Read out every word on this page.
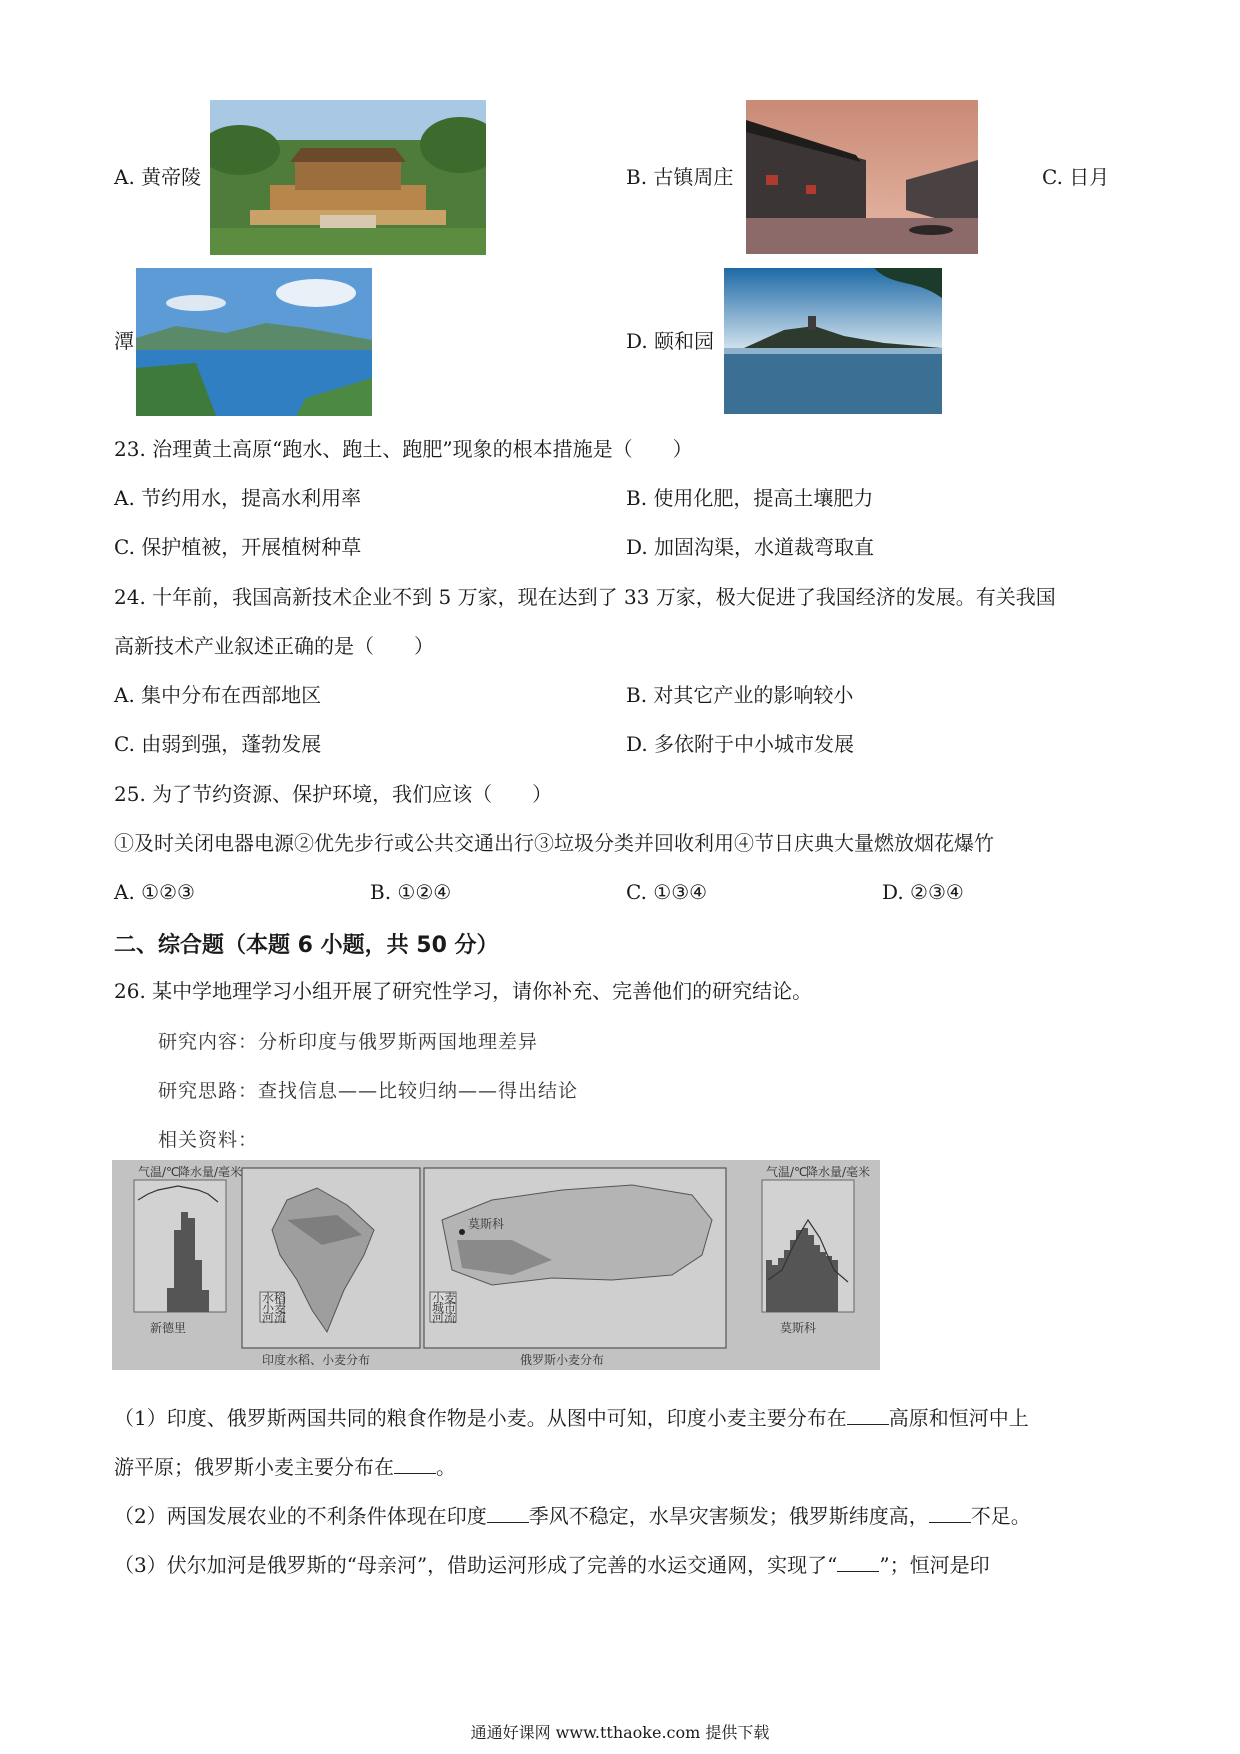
A. 黄帝陵	B. 古镇周庄	C. 日月
潭	D. 颐和园
23. 治理黄土高原“跑水、跑土、跑肥”现象的根本措施是（　　）
A. 节约用水，提高水利用率	B. 使用化肥，提高土壤肥力
C. 保护植被，开展植树种草	D. 加固沟渠，水道裁弯取直
24. 十年前，我国高新技术企业不到 5 万家，现在达到了 33 万家，极大促进了我国经济的发展。有关我国
高新技术产业叙述正确的是（　　）
A. 集中分布在西部地区	B. 对其它产业的影响较小
C. 由弱到强，蓬勃发展	D. 多依附于中小城市发展
25. 为了节约资源、保护环境，我们应该（　　）
①及时关闭电器电源②优先步行或公共交通出行③垃圾分类并回收利用④节日庆典大量燃放烟花爆竹
A. ①②③	B. ①②④	C. ①③④	D. ②③④
二、综合题（本题 6 小题，共 50 分）
26. 某中学地理学习小组开展了研究性学习，请你补充、完善他们的研究结论。
研究内容：分析印度与俄罗斯两国地理差异
研究思路：查找信息——比较归纳——得出结论
相关资料：
气温/℃
降水量/毫米	气温/℃
降水量/毫米
水稻
小麦
河流
小麦
城市
河流
莫斯科
新德里	莫斯科
印度水稻、小麦分布	俄罗斯小麦分布
（1）印度、俄罗斯两国共同的粮食作物是小麦。从图中可知，印度小麦主要分布在 高原和恒河中上
游平原；俄罗斯小麦主要分布在 。
（2）两国发展农业的不利条件体现在印度 季风不稳定，水旱灾害频发；俄罗斯纬度高， 不足。
（3）伏尔加河是俄罗斯的“母亲河”，借助运河形成了完善的水运交通网，实现了“ ”；恒河是印
通通好课网 www.tthaoke.com 提供下载
